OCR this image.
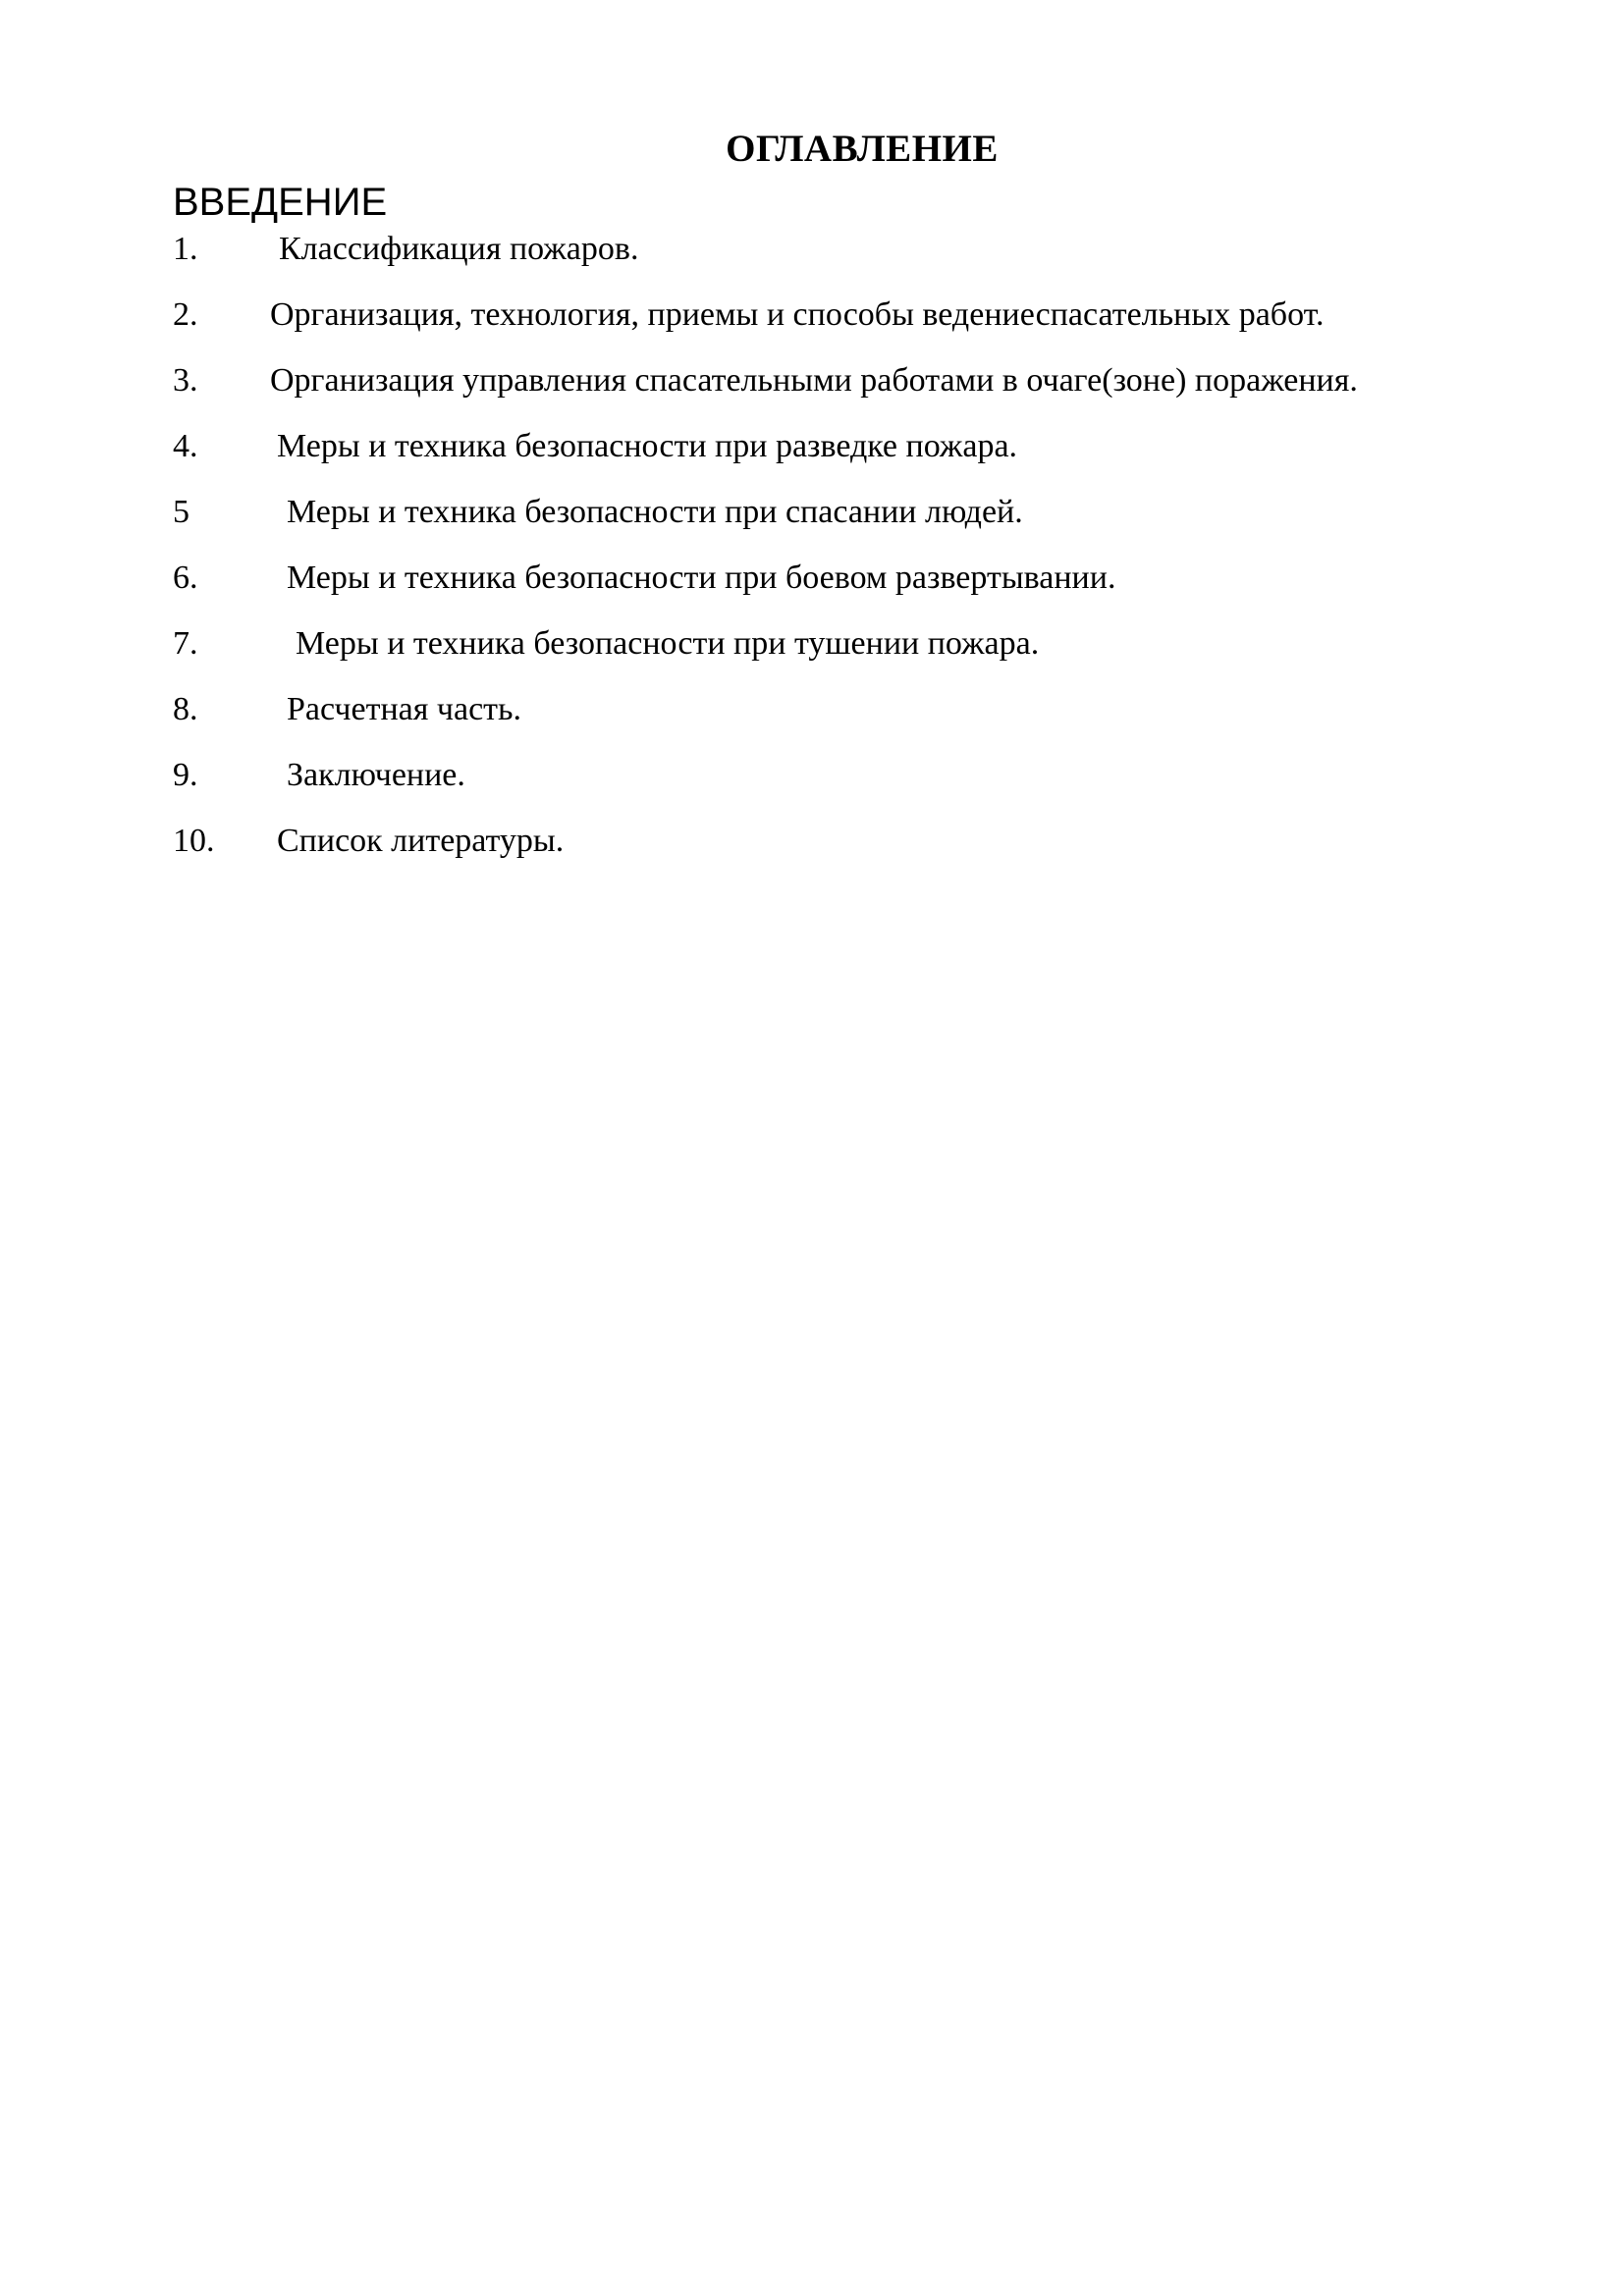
ОГЛАВЛЕНИЕ
ВВЕДЕНИЕ
1. Классификация пожаров.
2. Организация, технология, приемы и способы ведениеспасательных работ.
3. Организация управления спасательными работами в очаге(зоне) поражения.
4. Меры и техника безопасности при разведке пожара.
5	Меры и техника безопасности при спасании людей.
6.	Меры и техника безопасности при боевом развертывании.
7.	Меры и техника безопасности при тушении пожара.
8.	Расчетная часть.
9.	Заключение.
10. Список литературы.
